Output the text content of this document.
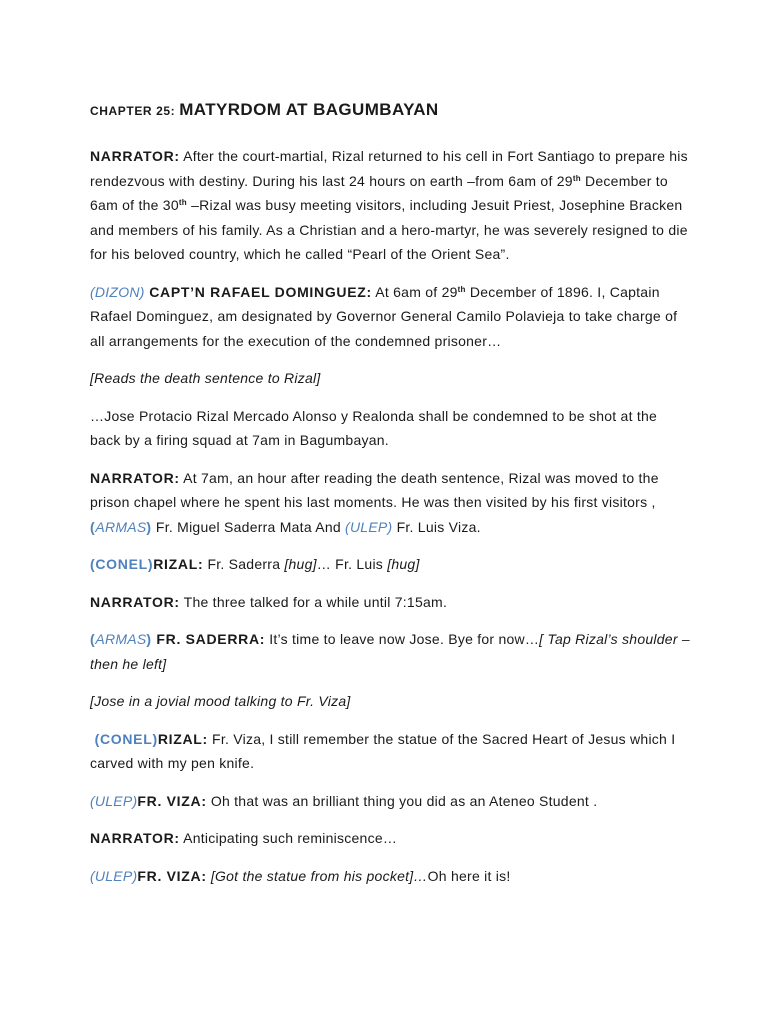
CHAPTER 25: MATYRDOM AT BAGUMBAYAN

NARRATOR: After the court-martial, Rizal returned to his cell in Fort Santiago to prepare his rendezvous with destiny. During his last 24 hours on earth –from 6am of 29th December to 6am of the 30th –Rizal was busy meeting visitors, including Jesuit Priest, Josephine Bracken and members of his family. As a Christian and a hero-martyr, he was severely resigned to die for his beloved country, which he called “Pearl of the Orient Sea”.

(DIZON) CAPT’N RAFAEL DOMINGUEZ: At 6am of 29th December of 1896. I, Captain Rafael Dominguez, am designated by Governor General Camilo Polavieja to take charge of all arrangements for the execution of the condemned prisoner…

[Reads the death sentence to Rizal]

…Jose Protacio Rizal Mercado Alonso y Realonda shall be condemned to be shot at the back by a firing squad at 7am in Bagumbayan.

NARRATOR: At 7am, an hour after reading the death sentence, Rizal was moved to the prison chapel where he spent his last moments. He was then visited by his first visitors , (ARMAS) Fr. Miguel Saderra Mata And (ULEP) Fr. Luis Viza.

(CONEL)RIZAL: Fr. Saderra [hug]… Fr. Luis [hug]

NARRATOR: The three talked for a while until 7:15am.

(ARMAS) FR. SADERRA: It’s time to leave now Jose. Bye for now…[ Tap Rizal’s shoulder –then he left]

[Jose in a jovial mood talking to Fr. Viza]

(CONEL)RIZAL: Fr. Viza, I still remember the statue of the Sacred Heart of Jesus which I carved with my pen knife.

(ULEP)FR. VIZA: Oh that was an brilliant thing you did as an Ateneo Student .

NARRATOR: Anticipating such reminiscence…

(ULEP)FR. VIZA: [Got the statue from his pocket]…Oh here it is!
